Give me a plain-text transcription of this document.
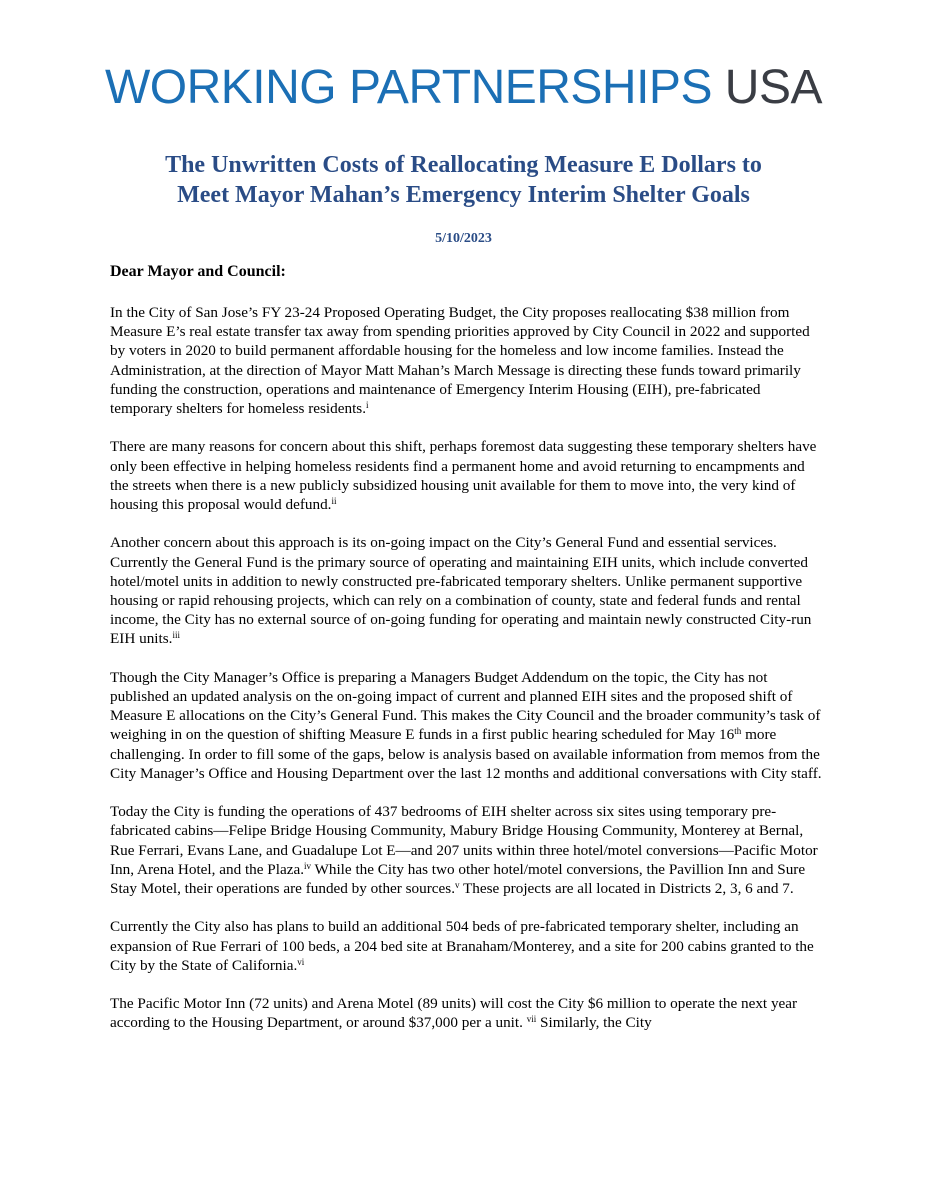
WORKING PARTNERSHIPS USA
The Unwritten Costs of Reallocating Measure E Dollars to
Meet Mayor Mahan’s Emergency Interim Shelter Goals
5/10/2023
Dear Mayor and Council:

In the City of San Jose’s FY 23-24 Proposed Operating Budget, the City proposes reallocating $38 million from Measure E’s real estate transfer tax away from spending priorities approved by City Council in 2022 and supported by voters in 2020 to build permanent affordable housing for the homeless and low income families. Instead the Administration, at the direction of Mayor Matt Mahan’s March Message is directing these funds toward primarily funding the construction, operations and maintenance of Emergency Interim Housing (EIH), pre-fabricated temporary shelters for homeless residents.$^i$

There are many reasons for concern about this shift, perhaps foremost data suggesting these temporary shelters have only been effective in helping homeless residents find a permanent home and avoid returning to encampments and the streets when there is a new publicly subsidized housing unit available for them to move into, the very kind of housing this proposal would defund.$^{ii}$

Another concern about this approach is its on-going impact on the City’s General Fund and essential services. Currently the General Fund is the primary source of operating and maintaining EIH units, which include converted hotel/motel units in addition to newly constructed pre-fabricated temporary shelters. Unlike permanent supportive housing or rapid rehousing projects, which can rely on a combination of county, state and federal funds and rental income, the City has no external source of on-going funding for operating and maintain newly constructed City-run EIH units.$^{iii}$

Though the City Manager’s Office is preparing a Managers Budget Addendum on the topic, the City has not published an updated analysis on the on-going impact of current and planned EIH sites and the proposed shift of Measure E allocations on the City’s General Fund. This makes the City Council and the broader community’s task of weighing in on the question of shifting Measure E funds in a first public hearing scheduled for May 16th more challenging. In order to fill some of the gaps, below is analysis based on available information from memos from the City Manager’s Office and Housing Department over the last 12 months and additional conversations with City staff.

Today the City is funding the operations of 437 bedrooms of EIH shelter across six sites using temporary pre-fabricated cabins—Felipe Bridge Housing Community, Mabury Bridge Housing Community, Monterey at Bernal, Rue Ferrari, Evans Lane, and Guadalupe Lot E—and 207 units within three hotel/motel conversions—Pacific Motor Inn, Arena Hotel, and the Plaza.$^{iv}$ While the City has two other hotel/motel conversions, the Pavillion Inn and Sure Stay Motel, their operations are funded by other sources.$^v$ These projects are all located in Districts 2, 3, 6 and 7.

Currently the City also has plans to build an additional 504 beds of pre-fabricated temporary shelter, including an expansion of Rue Ferrari of 100 beds, a 204 bed site at Branaham/Monterey, and a site for 200 cabins granted to the City by the State of California.$^{vi}$

The Pacific Motor Inn (72 units) and Arena Motel (89 units) will cost the City $6 million to operate the next year according to the Housing Department, or around $37,000 per a unit. $^{vii}$ Similarly, the City
